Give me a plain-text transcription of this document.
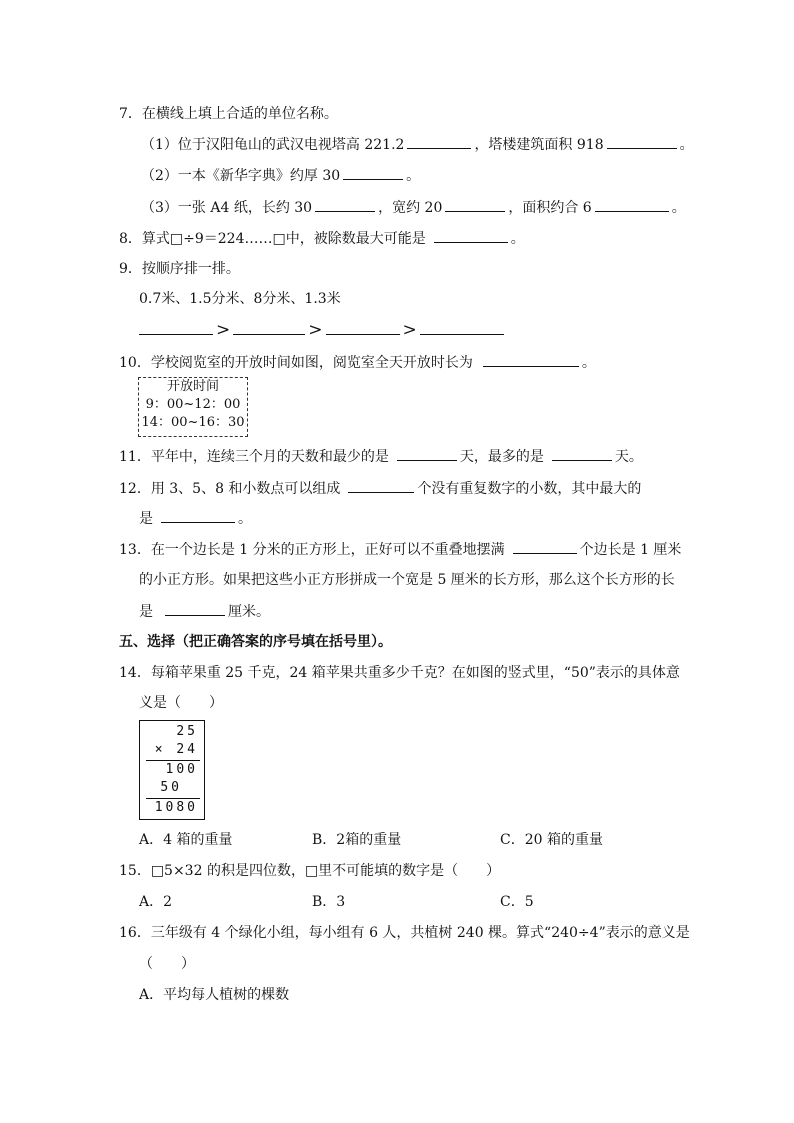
7．在横线上填上合适的单位名称。
（1）位于汉阳龟山的武汉电视塔高 221.2	，塔楼建筑面积 918	。
（2）一本《新华字典》约厚 30	。
（3）一张 A4 纸，长约 30	，宽约 20	，面积约合 6	。
8．算式□÷9＝224……□中，被除数最大可能是	。
9．按顺序排一排。
0.7米、1.5分米、8分米、1.3米
>	>	>
10．学校阅览室的开放时间如图，阅览室全天开放时长为	。
开放时间
9：00~12：00
14：00~16：30
11．平年中，连续三个月的天数和最少的是	天，最多的是	天。
12．用 3、5、8 和小数点可以组成	个没有重复数字的小数，其中最大的
是	。
13．在一个边长是 1 分米的正方形上，正好可以不重叠地摆满	个边长是 1 厘米
的小正方形。如果把这些小正方形拼成一个宽是 5 厘米的长方形，那么这个长方形的长
是	厘米。
五、选择（把正确答案的序号填在括号里）。
14．每箱苹果重 25 千克，24 箱苹果共重多少千克？在如图的竖式里，“50”表示的具体意
义是（　　）
25
× 24
100
50
1080
A．4 箱的重量	B．2箱的重量	C．20 箱的重量
15．□5×32 的积是四位数，□里不可能填的数字是（　　）
A．2	B．3	C．5
16．三年级有 4 个绿化小组，每小组有 6 人，共植树 240 棵。算式“240÷4”表示的意义是
（　　）
A．平均每人植树的棵数
